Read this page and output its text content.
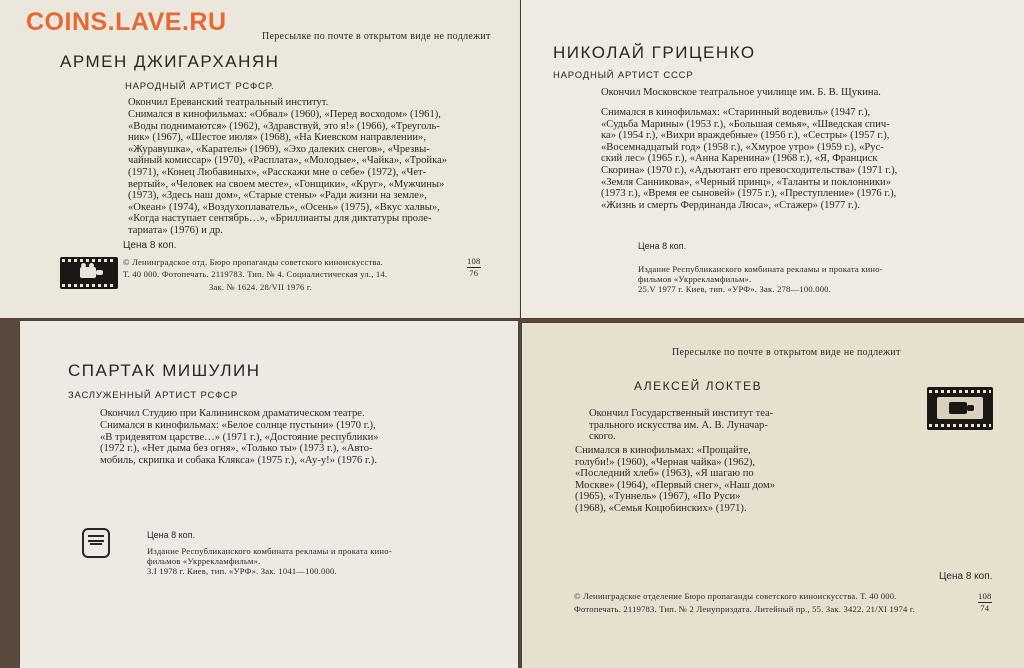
Пересылке по почте в открытом виде не подлежит
АРМЕН ДЖИГАРХАНЯН
НАРОДНЫЙ АРТИСТ РСФСР.
Окончил Ереванский театральный институт.
Снимался в кинофильмах: «Обвал» (1960), «Перед восходом» (1961),
«Воды поднимаются» (1962), «Здравствуй, это я!» (1966), «Треуголь-
ник» (1967), «Шестое июля» (1968), «На Киевском направлении»,
«Журавушка», «Каратель» (1969), «Эхо далеких снегов», «Чрезвы-
чайный комиссар» (1970), «Расплата», «Молодые», «Чайка», «Тройка»
(1971), «Конец Любавиных», «Расскажи мне о себе» (1972), «Чет-
вертый», «Человек на своем месте», «Гонщики», «Круг», «Мужчины»
(1973), «Здесь наш дом», «Старые стены» «Ради жизни на земле»,
«Океан» (1974), «Воздухоплаватель», «Осень» (1975), «Вкус халвы»,
«Когда наступает сентябрь…», «Бриллианты для диктатуры проле-
тариата» (1976) и др.
Цена 8 коп.
© Ленинградское отд. Бюро пропаганды советского киноискусства.
Т. 40 000. Фотопечать. 2119783. Тип. № 4. Социалистическая ул., 14.
Зак. № 1624. 28/VII 1976 г.
108
76
НИКОЛАЙ ГРИЦЕНКО
НАРОДНЫЙ АРТИСТ СССР
Окончил Московское театральное училище им. Б. В. Щукина.
Снимался в кинофильмах: «Старинный водевиль» (1947 г.),
«Судьба Марины» (1953 г.), «Большая семья», «Шведская спич-
ка» (1954 г.), «Вихри враждебные» (1956 г.), «Сестры» (1957 г.),
«Восемнадцатый год» (1958 г.), «Хмурое утро» (1959 г.), «Рус-
ский лес» (1965 г.), «Анна Каренина» (1968 г.), «Я, Франциск
Скорина» (1970 г.), «Адъютант его превосходительства» (1971 г.),
«Земля Санникова», «Черный принц», «Таланты и поклонники»
(1973 г.), «Время ее сыновей» (1975 г.), «Преступление» (1976 г.),
«Жизнь и смерть Фердинанда Люса», «Стажер» (1977 г.).
Цена 8 коп.
Издание Республиканского комбината рекламы и проката кино-
фильмов «Укррекламфильм».
25.V 1977 г. Киев, тип. «УРФ». Зак. 278—100.000.
СПАРТАК МИШУЛИН
ЗАСЛУЖЕННЫЙ АРТИСТ РСФСР
Окончил Студию при Калининском драматическом театре.
Снимался в кинофильмах: «Белое солнце пустыни» (1970 г.),
«В тридевятом царстве…» (1971 г.), «Достояние республики»
(1972 г.), «Нет дыма без огня», «Только ты» (1973 г.), «Авто-
мобиль, скрипка и собака Клякса» (1975 г.), «Ау-у!» (1976 г.).
Цена 8 коп.
Издание Республиканского комбината рекламы и проката кино-
фильмов «Укррекламфильм».
3.I 1978 г. Киев, тип. «УРФ». Зак. 1041—100.000.
Пересылке по почте в открытом виде не подлежит
АЛЕКСЕЙ ЛОКТЕВ
Окончил Государственный институт теа-
трального искусства им. А. В. Луначар-
ского.
Снимался в кинофильмах: «Прощайте,
голуби!» (1960), «Черная чайка» (1962),
«Последний хлеб» (1963), «Я шагаю по
Москве» (1964), «Первый снег», «Наш дом»
(1965), «Туннель» (1967), «По Руси»
(1968), «Семья Коцюбинских» (1971).
Цена 8 коп.
© Ленинградское отделение Бюро пропаганды советского киноискусства. Т. 40 000.
Фотопечать. 2119783. Тип. № 2 Ленуприздата. Литейный пр., 55. Зак. 3422. 21/XI 1974 г.
108
74
COINS.LAVE.RU
